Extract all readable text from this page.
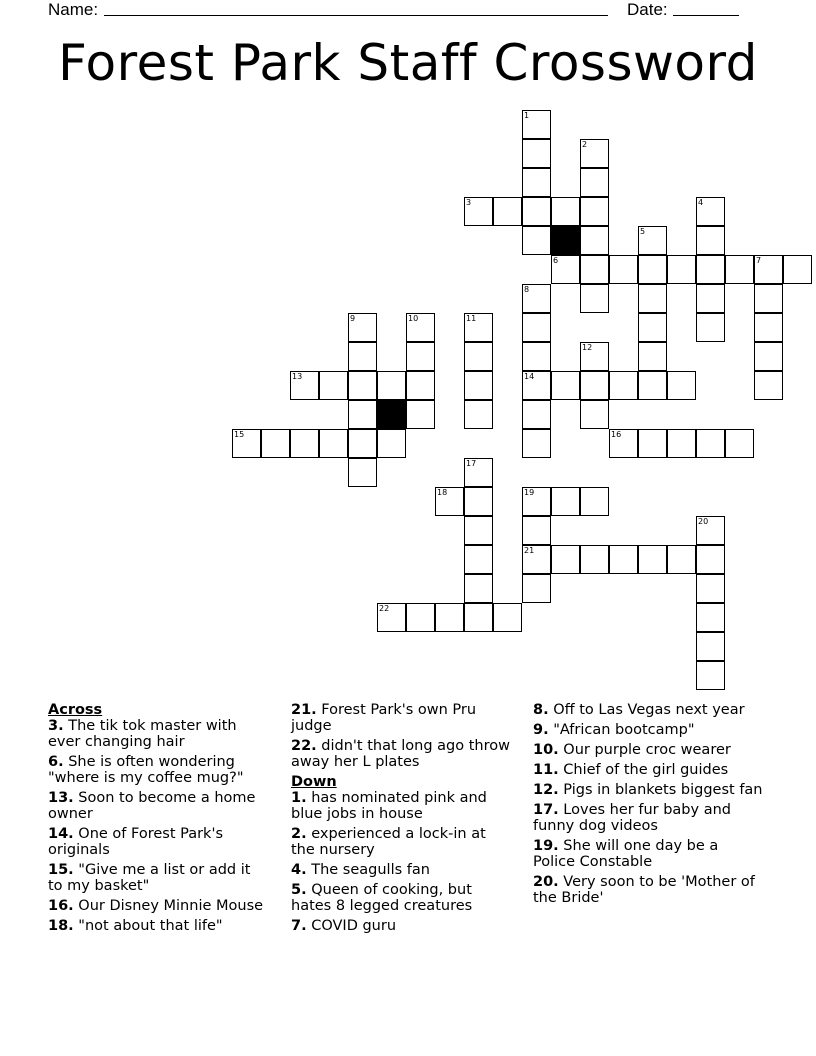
Name:	Date:
Forest Park Staff Crossword
1
2
3	4
5
6	7
8
14
9	10	11
12
13
15	16
17
18	19
21
20
22
Across
3. The tik tok master with ever changing hair
6. She is often wondering "where is my coffee mug?"
13. Soon to become a home owner
14. One of Forest Park's originals
15. "Give me a list or add it to my basket"
16. Our Disney Minnie Mouse
18. "not about that life"
21. Forest Park's own Pru judge
22. didn't that long ago throw away her L plates
Down
1. has nominated pink and blue jobs in house
2. experienced a lock-in at the nursery
4. The seagulls fan
5. Queen of cooking, but hates 8 legged creatures
7. COVID guru
8. Off to Las Vegas next year
9. "African bootcamp"
10. Our purple croc wearer
11. Chief of the girl guides
12. Pigs in blankets biggest fan
17. Loves her fur baby and funny dog videos
19. She will one day be a Police Constable
20. Very soon to be 'Mother of the Bride'
